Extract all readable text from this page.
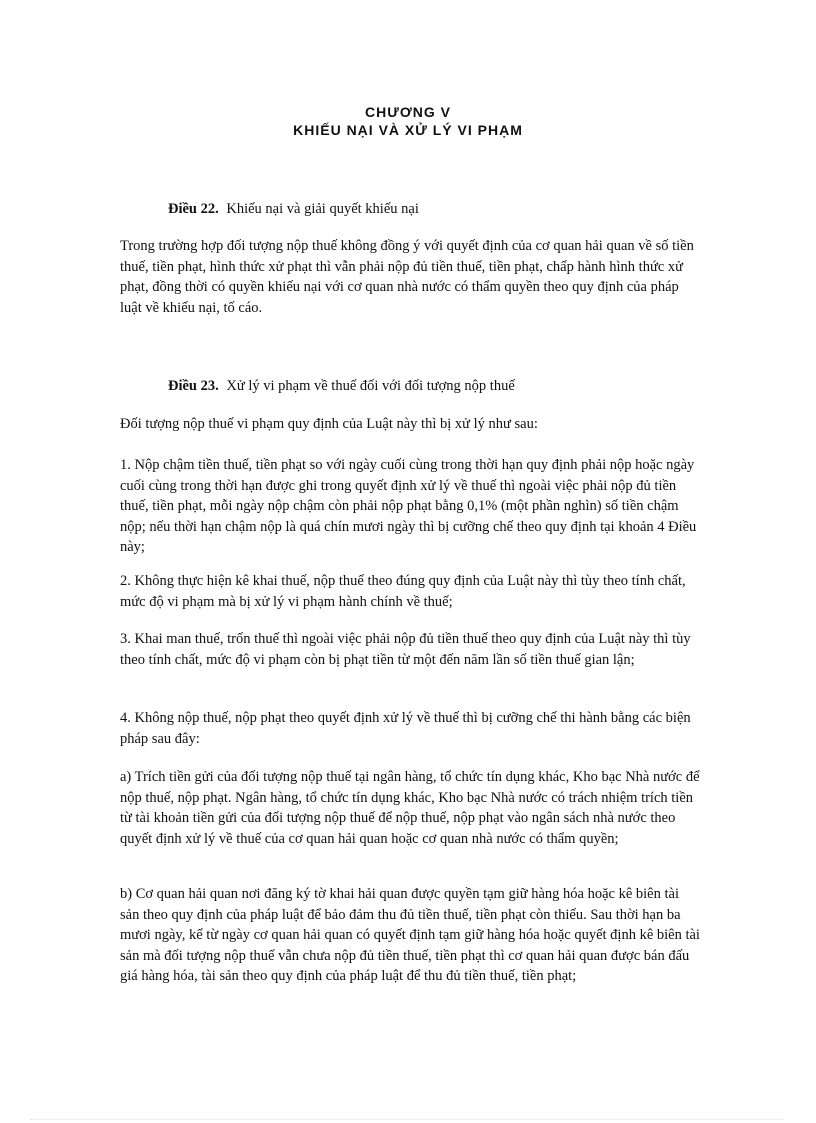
CHƯƠNG V
KHIẾU NẠI VÀ XỬ LÝ VI PHẠM
Điều 22. Khiếu nại và giải quyết khiếu nại

Trong trường hợp đối tượng nộp thuế không đồng ý với quyết định của cơ quan hải quan về số tiền thuế, tiền phạt, hình thức xử phạt thì vẫn phải nộp đủ tiền thuế, tiền phạt, chấp hành hình thức xử phạt, đồng thời có quyền khiếu nại với cơ quan nhà nước có thẩm quyền theo quy định của pháp luật về khiếu nại, tố cáo.

Điều 23. Xử lý vi phạm về thuế đối với đối tượng nộp thuế

Đối tượng nộp thuế vi phạm quy định của Luật này thì bị xử lý như sau:

1. Nộp chậm tiền thuế, tiền phạt so với ngày cuối cùng trong thời hạn quy định phải nộp hoặc ngày cuối cùng trong thời hạn được ghi trong quyết định xử lý về thuế thì ngoài việc phải nộp đủ tiền thuế, tiền phạt, mỗi ngày nộp chậm còn phải nộp phạt bằng 0,1% (một phần nghìn) số tiền chậm nộp; nếu thời hạn chậm nộp là quá chín mươi ngày thì bị cưỡng chế theo quy định tại khoản 4 Điều này;

2. Không thực hiện kê khai thuế, nộp thuế theo đúng quy định của Luật này thì tùy theo tính chất, mức độ vi phạm mà bị xử lý vi phạm hành chính về thuế;

3. Khai man thuế, trốn thuế thì ngoài việc phải nộp đủ tiền thuế theo quy định của Luật này thì tùy theo tính chất, mức độ vi phạm còn bị phạt tiền từ một đến năm lần số tiền thuế gian lận;

4. Không nộp thuế, nộp phạt theo quyết định xử lý về thuế thì bị cưỡng chế thi hành bằng các biện pháp sau đây:

a) Trích tiền gửi của đối tượng nộp thuế tại ngân hàng, tổ chức tín dụng khác, Kho bạc Nhà nước để nộp thuế, nộp phạt. Ngân hàng, tổ chức tín dụng khác, Kho bạc Nhà nước có trách nhiệm trích tiền từ tài khoản tiền gửi của đối tượng nộp thuế để nộp thuế, nộp phạt vào ngân sách nhà nước theo quyết định xử lý về thuế của cơ quan hải quan hoặc cơ quan nhà nước có thẩm quyền;

b) Cơ quan hải quan nơi đăng ký tờ khai hải quan được quyền tạm giữ hàng hóa hoặc kê biên tài sản theo quy định của pháp luật để bảo đảm thu đủ tiền thuế, tiền phạt còn thiếu. Sau thời hạn ba mươi ngày, kể từ ngày cơ quan hải quan có quyết định tạm giữ hàng hóa hoặc quyết định kê biên tài sản mà đối tượng nộp thuế vẫn chưa nộp đủ tiền thuế, tiền phạt thì cơ quan hải quan được bán đấu giá hàng hóa, tài sản theo quy định của pháp luật để thu đủ tiền thuế, tiền phạt;
